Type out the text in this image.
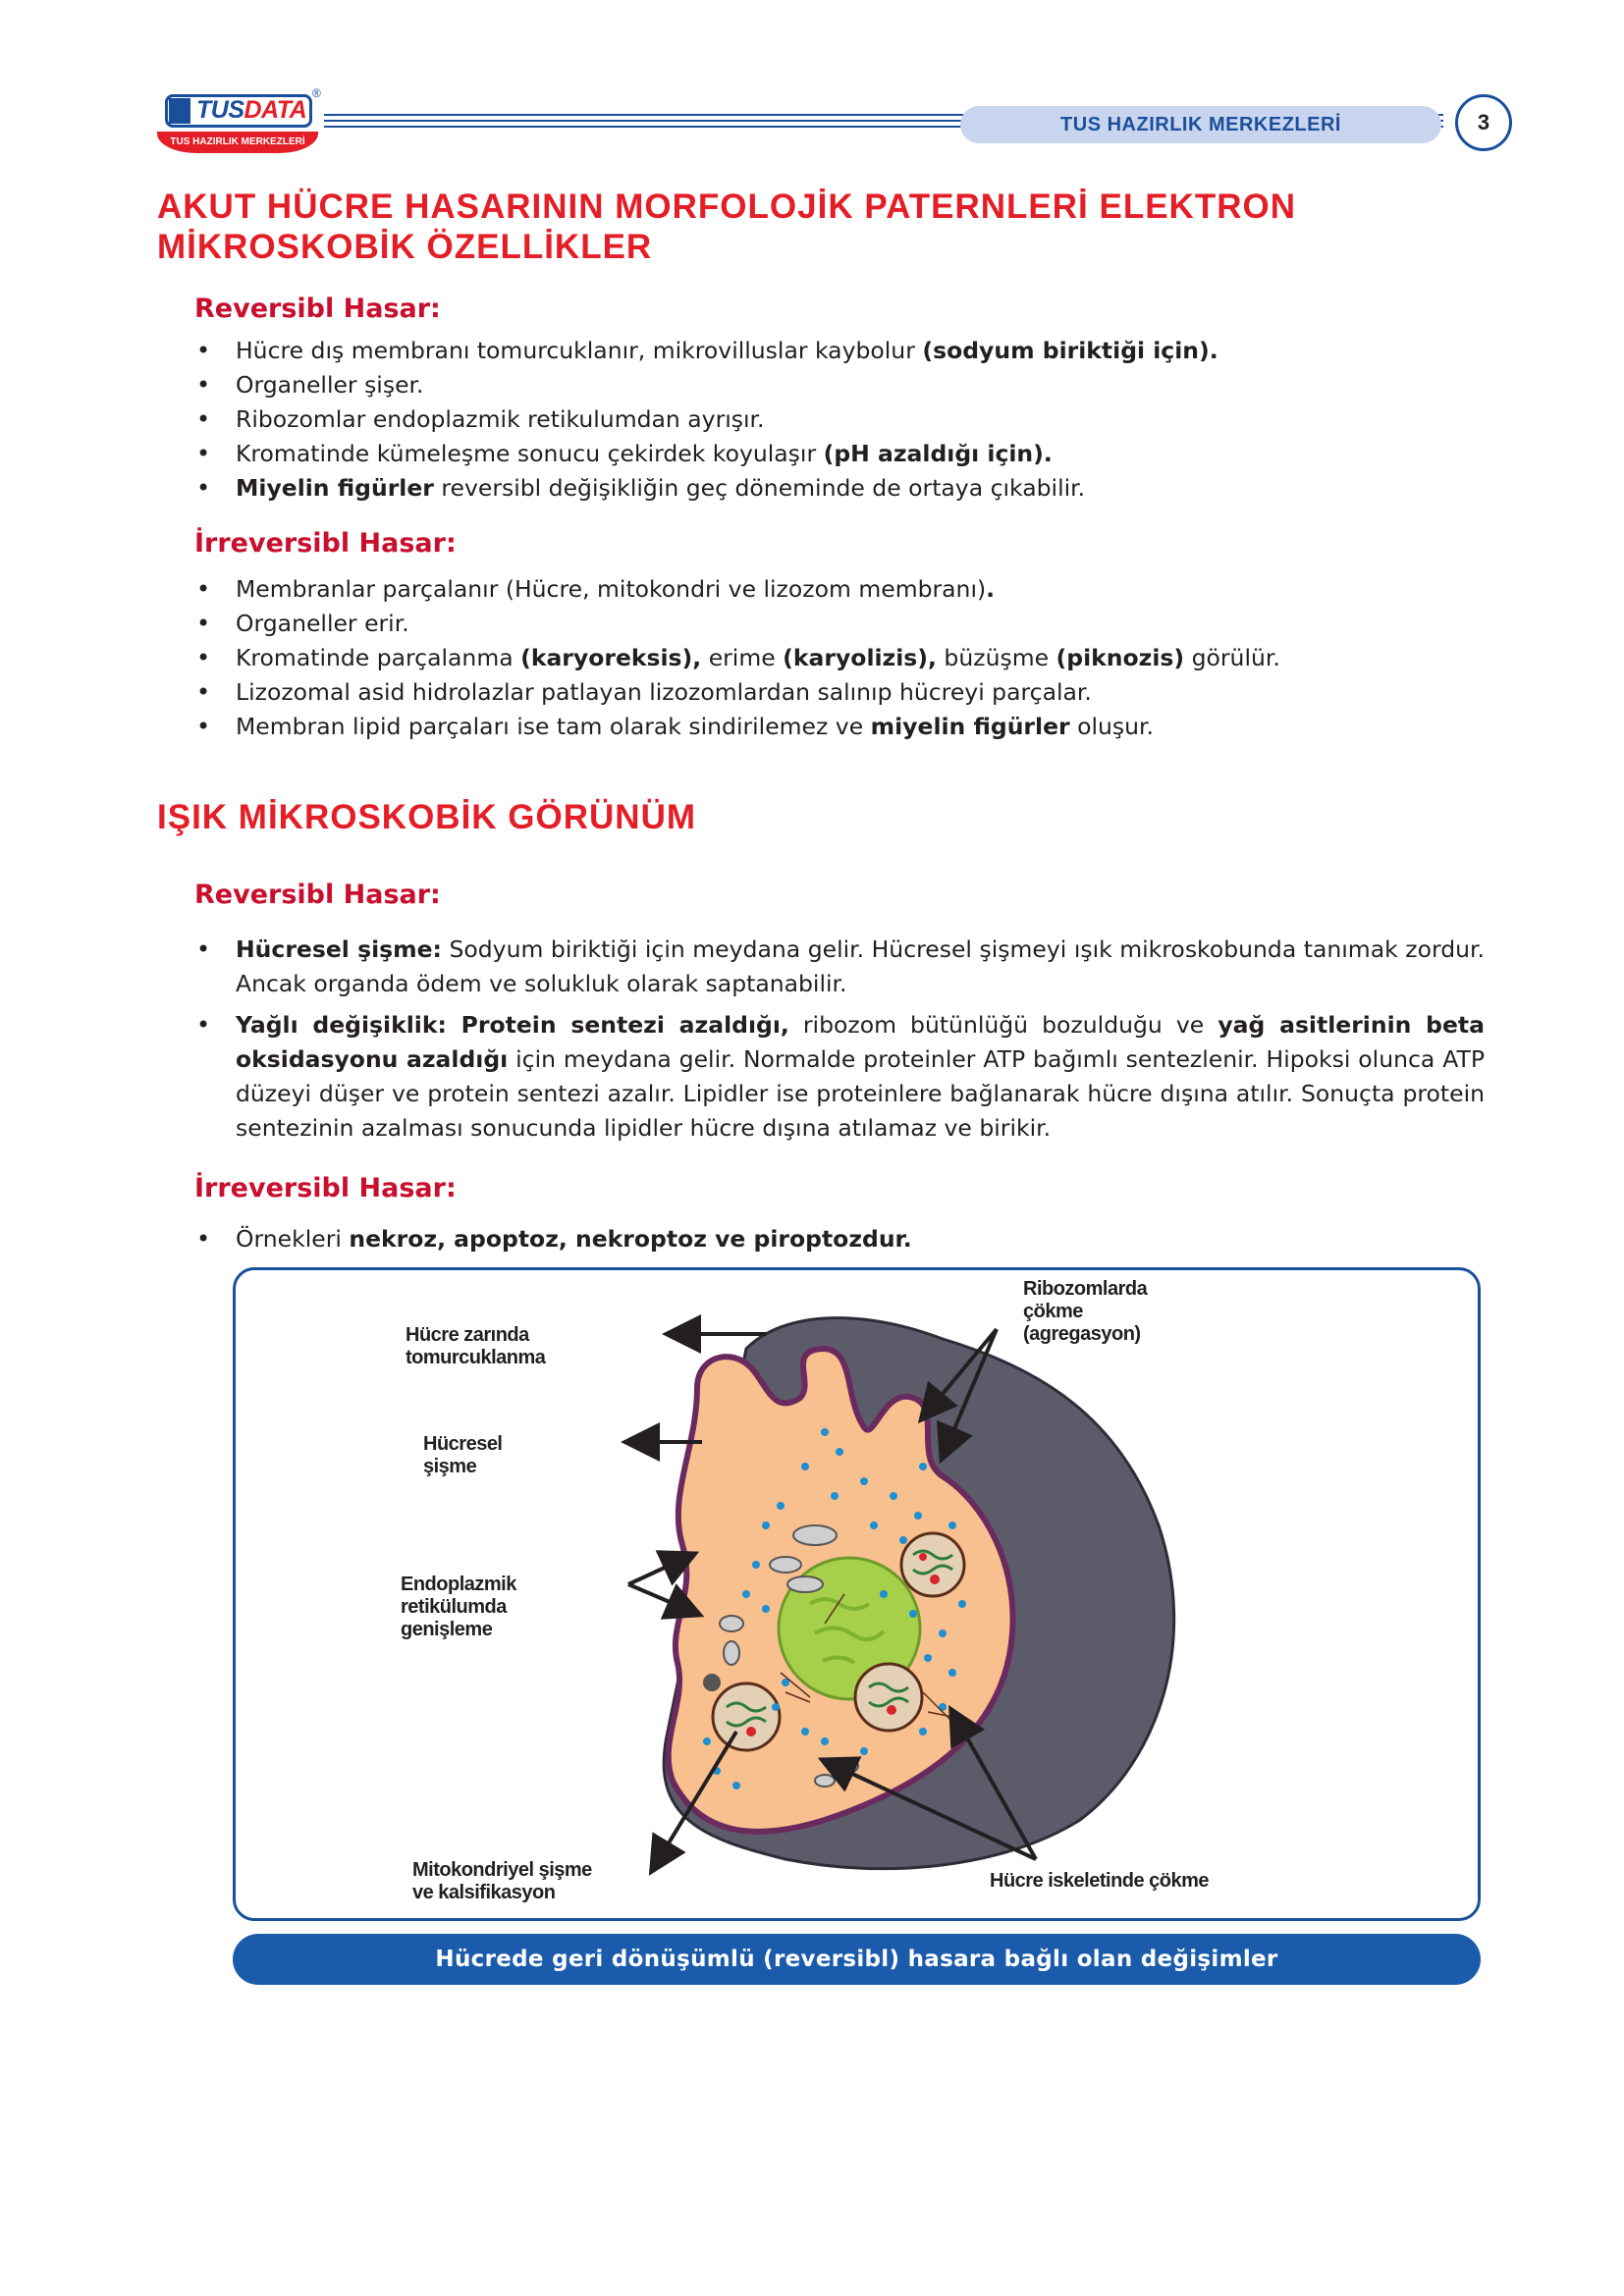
TUSDATA
TUS HAZIRLIK MERKEZLERİ
®
TUS HAZIRLIK MERKEZLERİ	3
AKUT HÜCRE HASARININ MORFOLOJİK PATERNLERİ ELEKTRON
MİKROSKOBİK ÖZELLİKLER
Reversibl Hasar:
• Hücre dış membranı tomurcuklanır, mikrovilluslar kaybolur (sodyum biriktiği için).
• Organeller şişer.
• Ribozomlar endoplazmik retikulumdan ayrışır.
• Kromatinde kümeleşme sonucu çekirdek koyulaşır (pH azaldığı için).
• Miyelin figürler reversibl değişikliğin geç döneminde de ortaya çıkabilir.
İrreversibl Hasar:
• Membranlar parçalanır (Hücre, mitokondri ve lizozom membranı).
• Organeller erir.
• Kromatinde parçalanma (karyoreksis), erime (karyolizis), büzüşme (piknozis) görülür.
• Lizozomal asid hidrolazlar patlayan lizozomlardan salınıp hücreyi parçalar.
• Membran lipid parçaları ise tam olarak sindirilemez ve miyelin figürler oluşur.
IŞIK MİKROSKOBİK GÖRÜNÜM
Reversibl Hasar:
• Hücresel şişme: Sodyum biriktiği için meydana gelir. Hücresel şişmeyi ışık mikroskobunda tanımak zordur. Ancak organda ödem ve solukluk olarak saptanabilir.
• Yağlı değişiklik: Protein sentezi azaldığı, ribozom bütünlüğü bozulduğu ve yağ asitlerinin beta oksidasyonu azaldığı için meydana gelir. Normalde proteinler ATP bağımlı sentezlenir. Hipoksi olunca ATP düzeyi düşer ve protein sentezi azalır. Lipidler ise proteinlere bağlanarak hücre dışına atılır. Sonuçta protein sentezinin azalması sonucunda lipidler hücre dışına atılamaz ve birikir.
İrreversibl Hasar:
• Örnekleri nekroz, apoptoz, nekroptoz ve piroptozdur.
Hücre zarında
tomurcuklanma
Hücresel
şişme
Endoplazmik
retikülumda
genişleme
Ribozomlarda
çökme
(agregasyon)
Mitokondriyel şişme
ve kalsifikasyon
Hücre iskeletinde çökme
Hücrede geri dönüşümlü (reversibl) hasara bağlı olan değişimler
